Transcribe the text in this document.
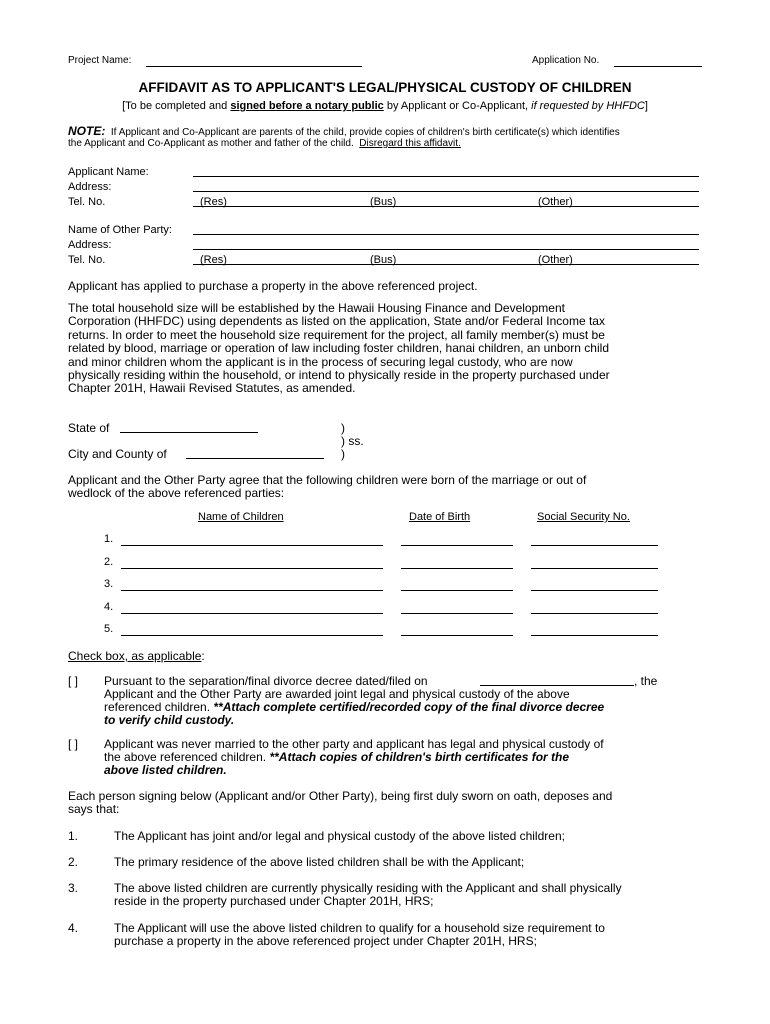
Project Name:	Application No.
AFFIDAVIT AS TO APPLICANT'S LEGAL/PHYSICAL CUSTODY OF CHILDREN
[To be completed and signed before a notary public by Applicant or Co-Applicant, if requested by HHFDC]
NOTE: If Applicant and Co-Applicant are parents of the child, provide copies of children's birth certificate(s) which identifies
the Applicant and Co-Applicant as mother and father of the child. Disregard this affidavit.
Applicant Name:
Address:
Tel. No.	(Res)	(Bus)	(Other)
Name of Other Party:
Address:
Tel. No.	(Res)	(Bus)	(Other)
Applicant has applied to purchase a property in the above referenced project.
The total household size will be established by the Hawaii Housing Finance and Development
Corporation (HHFDC) using dependents as listed on the application, State and/or Federal Income tax
returns. In order to meet the household size requirement for the project, all family member(s) must be
related by blood, marriage or operation of law including foster children, hanai children, an unborn child
and minor children whom the applicant is in the process of securing legal custody, who are now
physically residing within the household, or intend to physically reside in the property purchased under
Chapter 201H, Hawaii Revised Statutes, as amended.
State of	)
) ss.
City and County of	)
Applicant and the Other Party agree that the following children were born of the marriage or out of
wedlock of the above referenced parties:
Name of Children	Date of Birth	Social Security No.
1.
2.
3.
4.
5.
Check box, as applicable:
[ ] Pursuant to the separation/final divorce decree dated/filed on	, the
Applicant and the Other Party are awarded joint legal and physical custody of the above
referenced children. **Attach complete certified/recorded copy of the final divorce decree
to verify child custody.
[ ] Applicant was never married to the other party and applicant has legal and physical custody of
the above referenced children. **Attach copies of children's birth certificates for the
above listed children.
Each person signing below (Applicant and/or Other Party), being first duly sworn on oath, deposes and
says that:
1.	The Applicant has joint and/or legal and physical custody of the above listed children;
2.	The primary residence of the above listed children shall be with the Applicant;
3.	The above listed children are currently physically residing with the Applicant and shall physically
reside in the property purchased under Chapter 201H, HRS;
4.	The Applicant will use the above listed children to qualify for a household size requirement to
purchase a property in the above referenced project under Chapter 201H, HRS;
